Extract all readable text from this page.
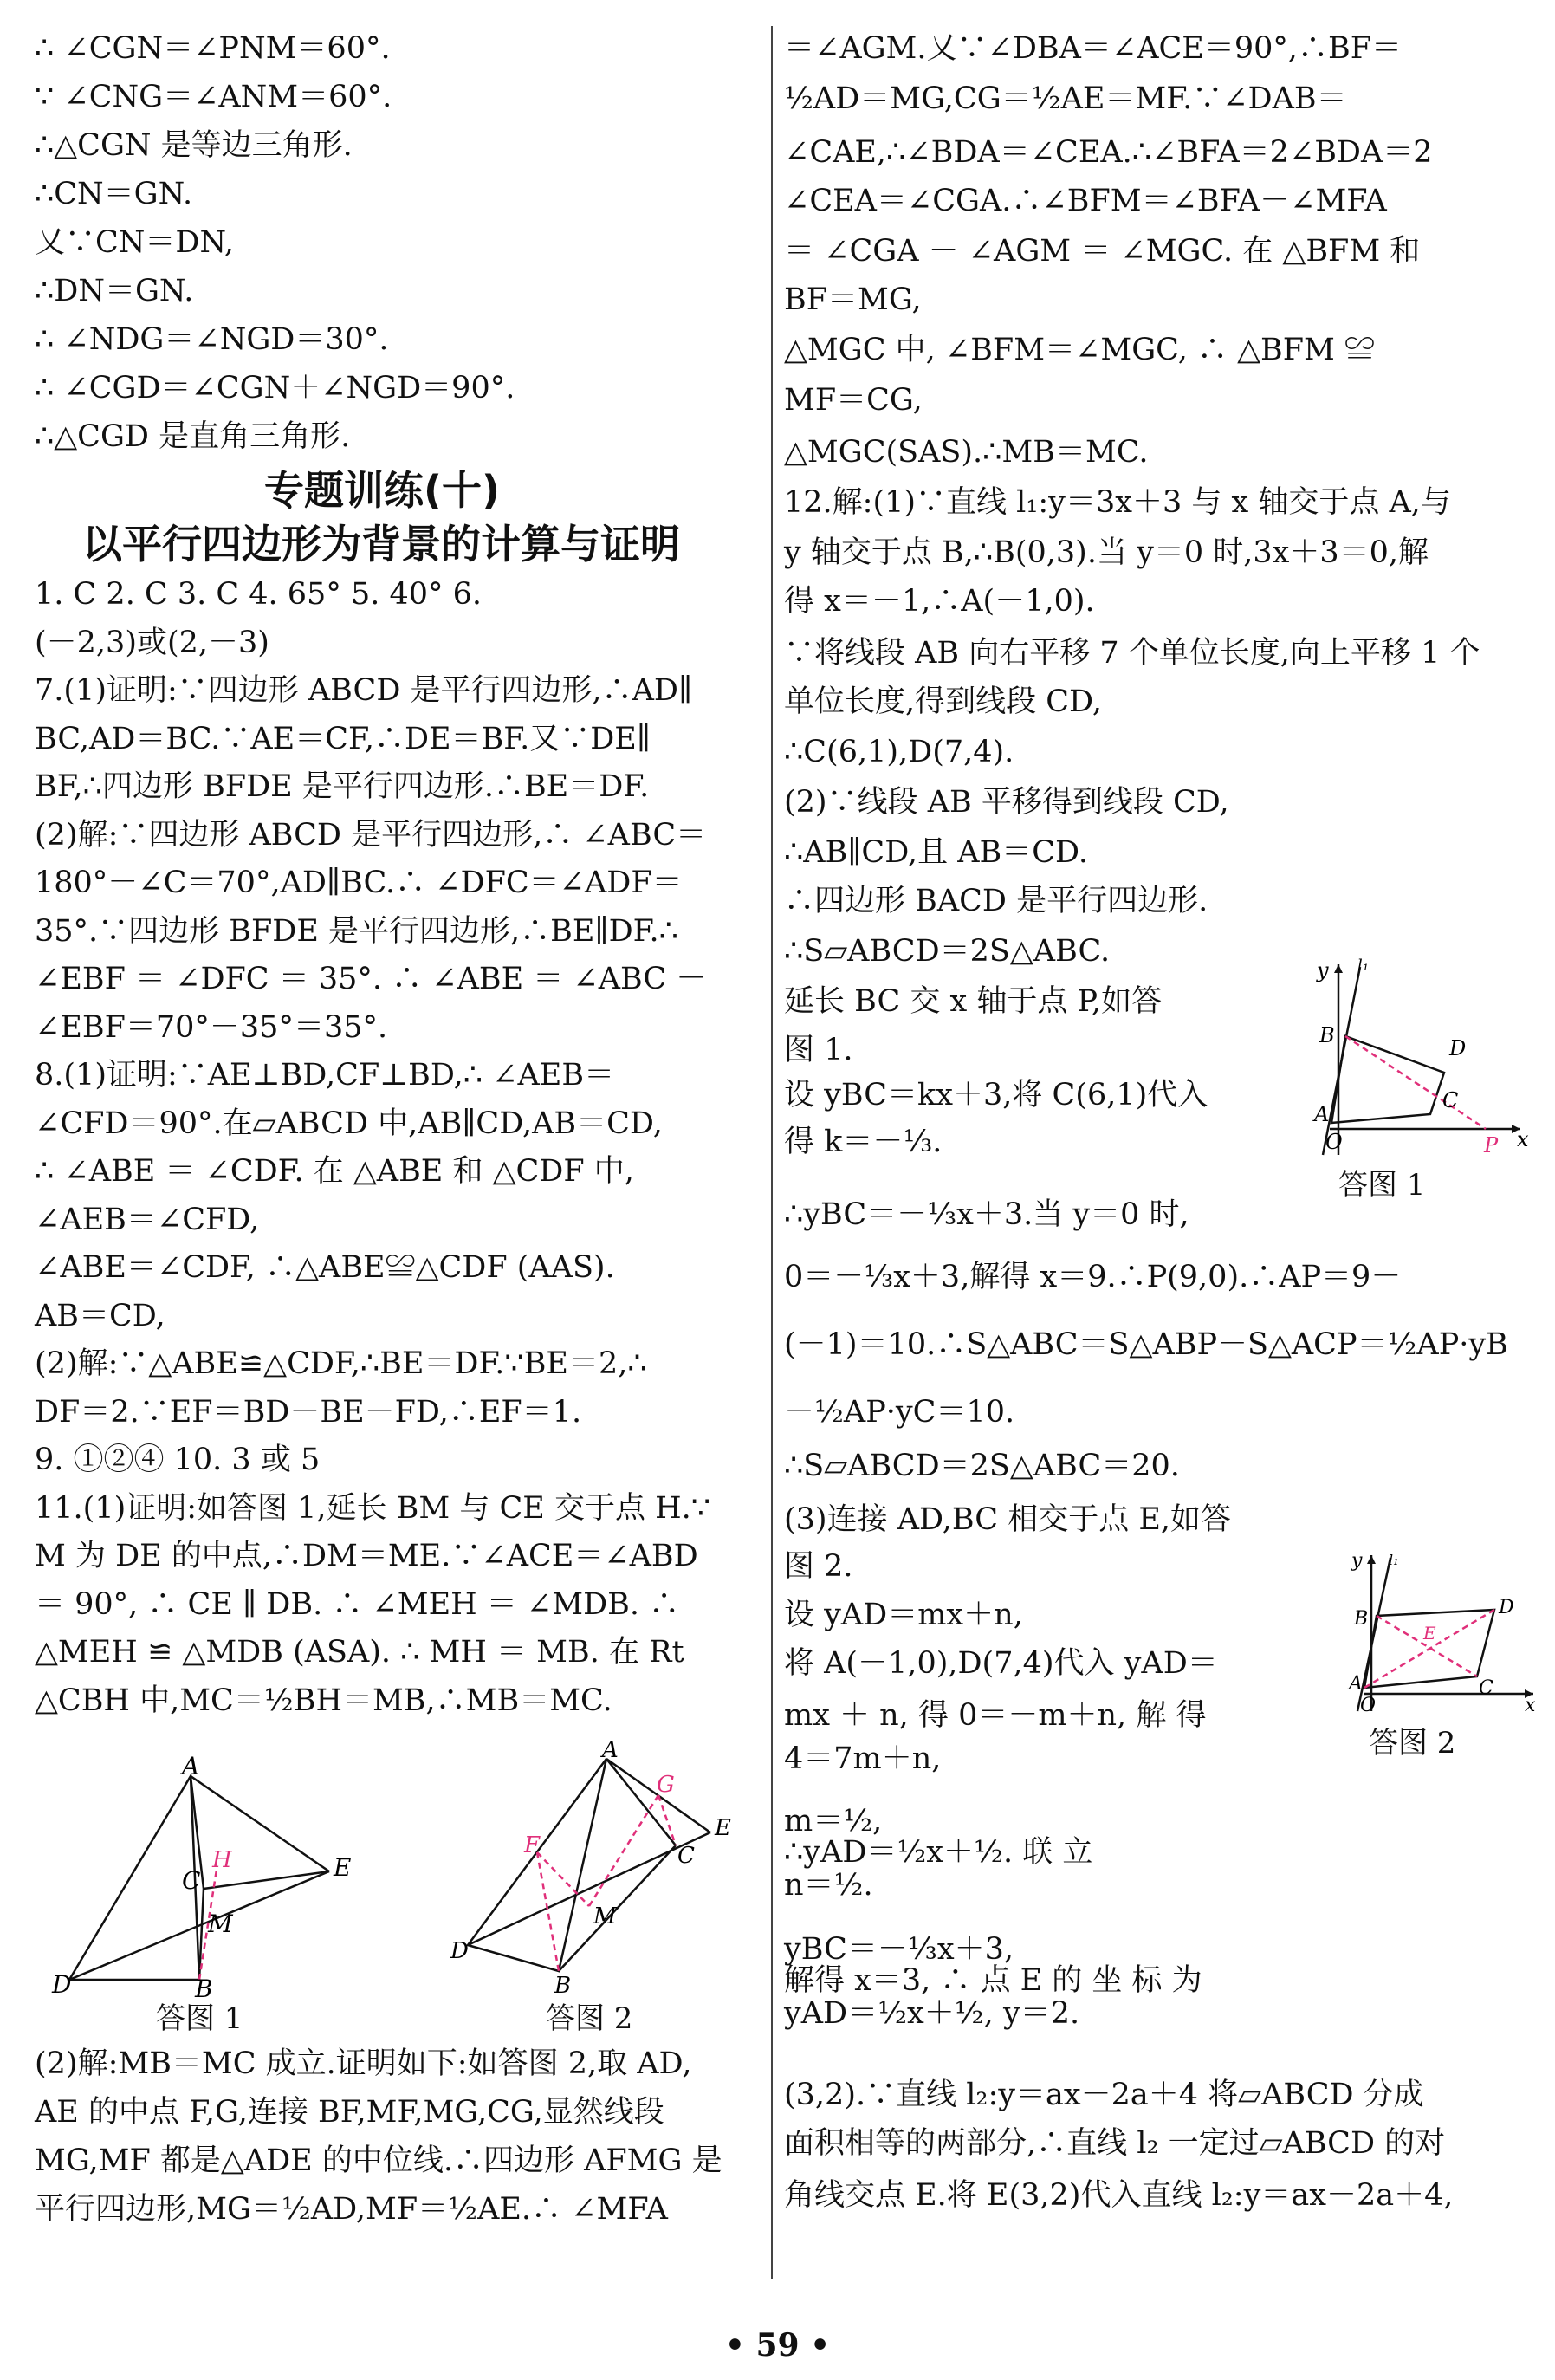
∴ ∠CGN＝∠PNM＝60°.
∵ ∠CNG＝∠ANM＝60°.
∴△CGN 是等边三角形.
∴CN＝GN.
又∵CN＝DN,
∴DN＝GN.
∴ ∠NDG＝∠NGD＝30°.
∴ ∠CGD＝∠CGN＋∠NGD＝90°.
∴△CGD 是直角三角形.
专题训练(十)
以平行四边形为背景的计算与证明
1. C 2. C 3. C 4. 65° 5. 40° 6.
(－2,3)或(2,－3)
7.(1)证明:∵四边形 ABCD 是平行四边形,∴AD∥
BC,AD＝BC.∵AE＝CF,∴DE＝BF.又∵DE∥
BF,∴四边形 BFDE 是平行四边形.∴BE＝DF.
(2)解:∵四边形 ABCD 是平行四边形,∴ ∠ABC＝
180°－∠C＝70°,AD∥BC.∴ ∠DFC＝∠ADF＝
35°.∵四边形 BFDE 是平行四边形,∴BE∥DF.∴
∠EBF ＝ ∠DFC ＝ 35°. ∴ ∠ABE ＝ ∠ABC －
∠EBF＝70°－35°＝35°.
8.(1)证明:∵AE⊥BD,CF⊥BD,∴ ∠AEB＝
∠CFD＝90°.在▱ABCD 中,AB∥CD,AB＝CD,
∴ ∠ABE ＝ ∠CDF. 在 △ABE 和 △CDF 中,
∠AEB＝∠CFD,
∠ABE＝∠CDF, ∴△ABE≌△CDF (AAS).
AB＝CD,
(2)解:∵△ABE≌△CDF,∴BE＝DF.∵BE＝2,∴
DF＝2.∵EF＝BD－BE－FD,∴EF＝1.
9. ①②④ 10. 3 或 5
11.(1)证明:如答图 1,延长 BM 与 CE 交于点 H.∵
M 为 DE 的中点,∴DM＝ME.∵∠ACE＝∠ABD
＝ 90°, ∴ CE ∥ DB. ∴ ∠MEH ＝ ∠MDB. ∴
△MEH ≌ △MDB (ASA). ∴ MH ＝ MB. 在 Rt
△CBH 中,MC＝½BH＝MB,∴MB＝MC.
(2)解:MB＝MC 成立.证明如下:如答图 2,取 AD,
AE 的中点 F,G,连接 BF,MF,MG,CG,显然线段
MG,MF 都是△ADE 的中位线.∴四边形 AFMG 是
平行四边形,MG＝½AD,MF＝½AE.∴ ∠MFA
＝∠AGM.又∵∠DBA＝∠ACE＝90°,∴BF＝
½AD＝MG,CG＝½AE＝MF.∵∠DAB＝
∠CAE,∴∠BDA＝∠CEA.∴∠BFA＝2∠BDA＝2
∠CEA＝∠CGA.∴∠BFM＝∠BFA－∠MFA
＝ ∠CGA － ∠AGM ＝ ∠MGC. 在 △BFM 和
BF＝MG,
△MGC 中, ∠BFM＝∠MGC, ∴ △BFM ≌
MF＝CG,
△MGC(SAS).∴MB＝MC.
12.解:(1)∵直线 l₁:y＝3x＋3 与 x 轴交于点 A,与
y 轴交于点 B,∴B(0,3).当 y＝0 时,3x＋3＝0,解
得 x＝－1,∴A(－1,0).
∵将线段 AB 向右平移 7 个单位长度,向上平移 1 个
单位长度,得到线段 CD,
∴C(6,1),D(7,4).
(2)∵线段 AB 平移得到线段 CD,
∴AB∥CD,且 AB＝CD.
∴四边形 BACD 是平行四边形.
∴S▱ABCD＝2S△ABC.
延长 BC 交 x 轴于点 P,如答
图 1.
设 yBC＝kx＋3,将 C(6,1)代入
得 k＝－⅓.
∴yBC＝－⅓x＋3.当 y＝0 时,
0＝－⅓x＋3,解得 x＝9.∴P(9,0).∴AP＝9－
(－1)＝10.∴S△ABC＝S△ABP－S△ACP＝½AP·yB
－½AP·yC＝10.
∴S▱ABCD＝2S△ABC＝20.
(3)连接 AD,BC 相交于点 E,如答
图 2.
设 yAD＝mx＋n,
将 A(－1,0),D(7,4)代入 yAD＝
mx ＋ n, 得 0＝－m＋n, 解 得
4＝7m＋n,
m＝½,
∴yAD＝½x＋½. 联 立
n＝½.
yBC＝－⅓x＋3,
解得 x＝3, ∴ 点 E 的 坐 标 为
yAD＝½x＋½, y＝2.
(3,2).∵直线 l₂:y＝ax－2a＋4 将▱ABCD 分成
面积相等的两部分,∴直线 l₂ 一定过▱ABCD 的对
角线交点 E.将 E(3,2)代入直线 l₂:y＝ax－2a＋4,
A
D	B
C	E
M
H
答图 1
A
D
B
C
E
M
F
G
答图 2
y l₁
A
B
C
D
O	P x
答图 1
y l₁
A
B
C
D
E
O	x
答图 2
• 59 •
